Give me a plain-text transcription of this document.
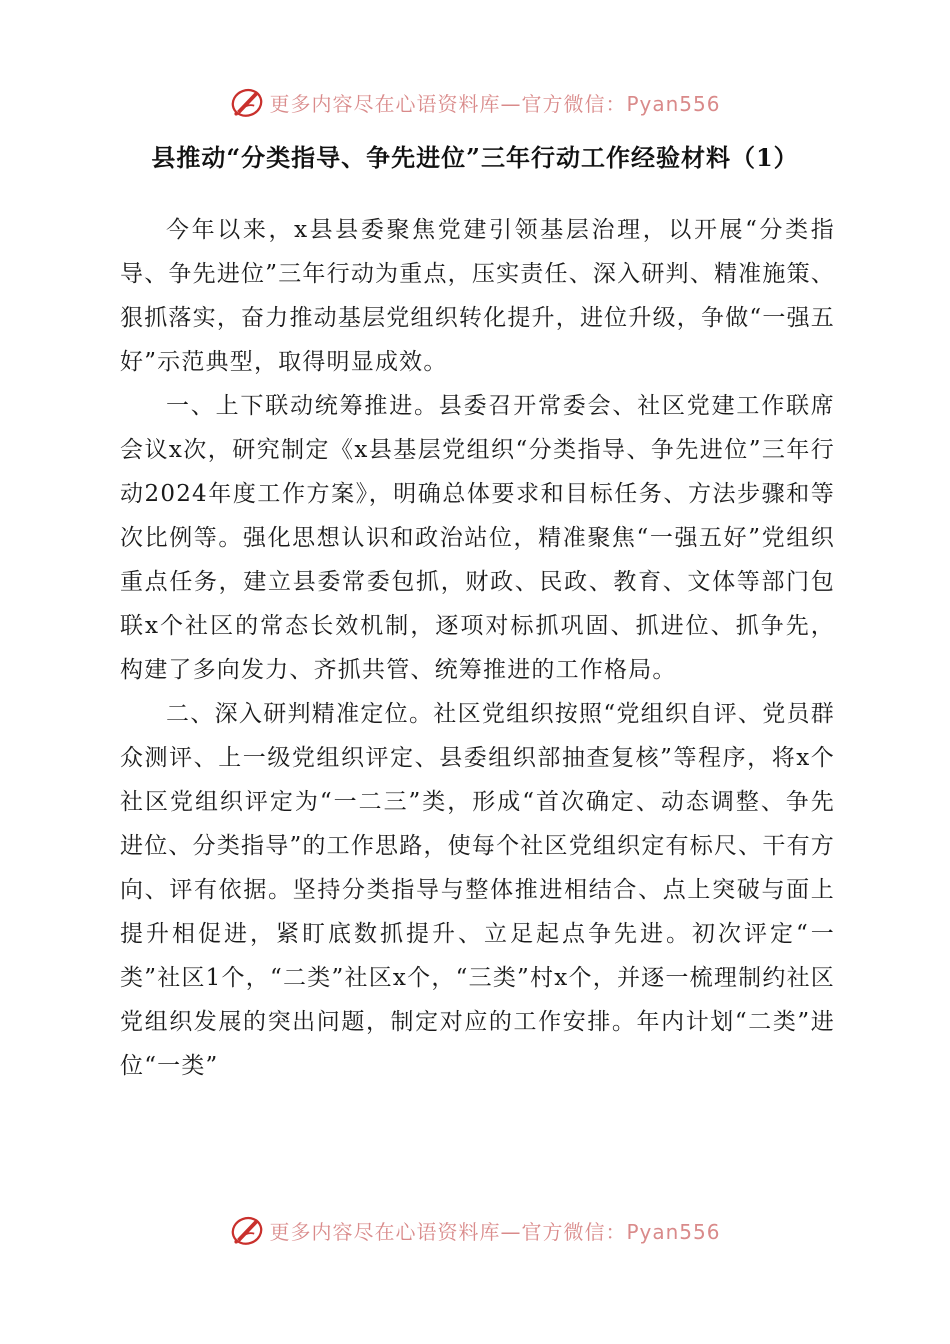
更多内容尽在心语资料库—官方微信：Pyan556
县推动“分类指导、争先进位”三年行动工作经验材料（1）

今年以来，x县县委聚焦党建引领基层治理，以开展“分类指导、争先进位”三年行动为重点，压实责任、深入研判、精准施策、狠抓落实，奋力推动基层党组织转化提升，进位升级，争做“一强五好”示范典型，取得明显成效。

一、上下联动统筹推进。县委召开常委会、社区党建工作联席会议x次，研究制定《x县基层党组织“分类指导、争先进位”三年行动2024年度工作方案》，明确总体要求和目标任务、方法步骤和等次比例等。强化思想认识和政治站位，精准聚焦“一强五好”党组织重点任务，建立县委常委包抓，财政、民政、教育、文体等部门包联x个社区的常态长效机制，逐项对标抓巩固、抓进位、抓争先，构建了多向发力、齐抓共管、统筹推进的工作格局。

二、深入研判精准定位。社区党组织按照“党组织自评、党员群众测评、上一级党组织评定、县委组织部抽查复核”等程序，将x个社区党组织评定为“一二三”类，形成“首次确定、动态调整、争先进位、分类指导”的工作思路，使每个社区党组织定有标尺、干有方向、评有依据。坚持分类指导与整体推进相结合、点上突破与面上提升相促进，紧盯底数抓提升、立足起点争先进。初次评定“一类”社区1个，“二类”社区x个，“三类”村x个，并逐一梳理制约社区党组织发展的突出问题，制定对应的工作安排。年内计划“二类”进位“一类”

更多内容尽在心语资料库—官方微信：Pyan556
